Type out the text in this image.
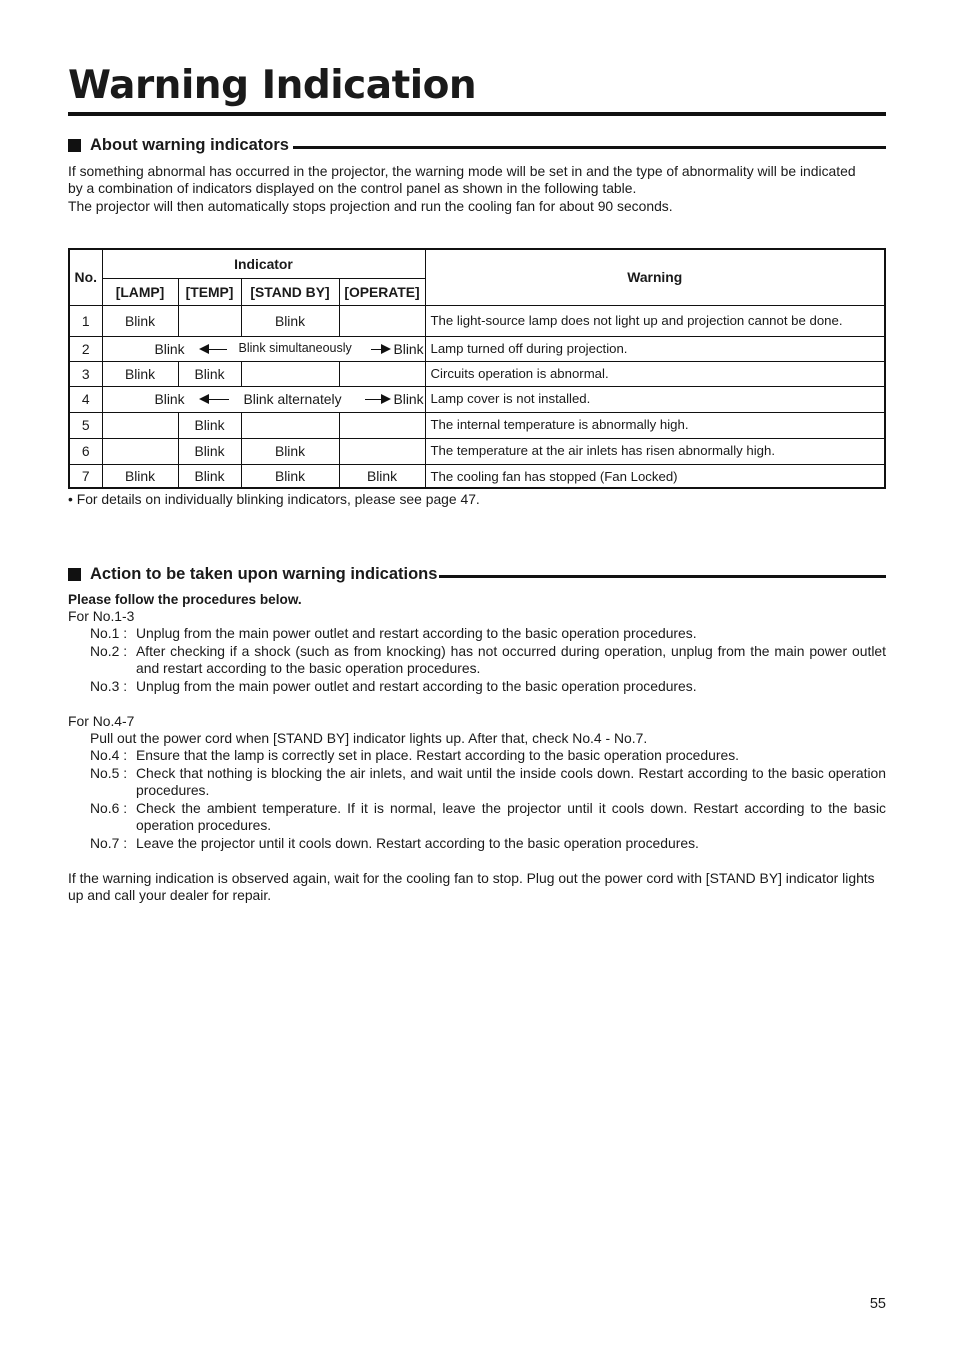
Warning Indication
About warning indicators

If something abnormal has occurred in the projector, the warning mode will be set in and the type of abnormality will be indicated
by a combination of indicators displayed on the control panel as shown in the following table.
The projector will then automatically stops projection and run the cooling fan for about 90 seconds.

No.	Indicator				Warning
	[LAMP]	[TEMP]	[STAND BY]	[OPERATE]	
1	Blink		Blink		The light-source lamp does not light up and projection cannot be done.
2	Blink Blink simultaneously Blink				Lamp turned off during projection.
3	Blink	Blink			Circuits operation is abnormal.
4	Blink Blink alternately Blink				Lamp cover is not installed.
5		Blink			The internal temperature is abnormally high.
6		Blink	Blink		The temperature at the air inlets has risen abnormally high.
7	Blink	Blink	Blink	Blink	The cooling fan has stopped (Fan Locked)

• For details on individually blinking indicators, please see page 47.

Action to be taken upon warning indications

Please follow the procedures below.

For No.1-3

No.1 : Unplug from the main power outlet and restart according to the basic operation procedures.
No.2 : After checking if a shock (such as from knocking) has not occurred during operation, unplug from the main power outlet and restart according to the basic operation procedures.
No.3 : Unplug from the main power outlet and restart according to the basic operation procedures.

For No.4-7

Pull out the power cord when [STAND BY] indicator lights up. After that, check No.4 - No.7.

No.4 : Ensure that the lamp is correctly set in place. Restart according to the basic operation procedures.
No.5 : Check that nothing is blocking the air inlets, and wait until the inside cools down. Restart according to the basic operation procedures.
No.6 : Check the ambient temperature. If it is normal, leave the projector until it cools down. Restart according to the basic operation procedures.
No.7 : Leave the projector until it cools down. Restart according to the basic operation procedures.

If the warning indication is observed again, wait for the cooling fan to stop. Plug out the power cord with [STAND BY] indicator lights
up and call your dealer for repair.

55
